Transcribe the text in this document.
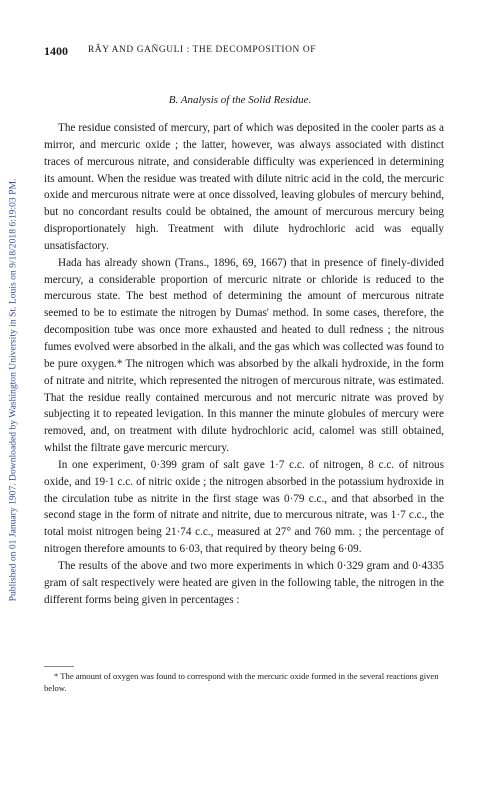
Published on 01 January 1907. Downloaded by Washington University in St. Louis on 9/18/2018 6:19:03 PM.
1400 RÂY AND GAÑGULI : THE DECOMPOSITION OF
B. Analysis of the Solid Residue.

The residue consisted of mercury, part of which was deposited in the cooler parts as a mirror, and mercuric oxide ; the latter, however, was always associated with distinct traces of mercurous nitrate, and considerable difficulty was experienced in determining its amount. When the residue was treated with dilute nitric acid in the cold, the mercuric oxide and mercurous nitrate were at once dissolved, leaving globules of mercury behind, but no concordant results could be obtained, the amount of mercurous mercury being disproportionately high. Treatment with dilute hydrochloric acid was equally unsatisfactory.

Hada has already shown (Trans., 1896, 69, 1667) that in presence of finely-divided mercury, a considerable proportion of mercuric nitrate or chloride is reduced to the mercurous state. The best method of determining the amount of mercurous nitrate seemed to be to estimate the nitrogen by Dumas' method. In some cases, therefore, the decomposition tube was once more exhausted and heated to dull redness ; the nitrous fumes evolved were absorbed in the alkali, and the gas which was collected was found to be pure oxygen.* The nitrogen which was absorbed by the alkali hydroxide, in the form of nitrate and nitrite, which represented the nitrogen of mercurous nitrate, was estimated. That the residue really contained mercurous and not mercuric nitrate was proved by subjecting it to repeated levigation. In this manner the minute globules of mercury were removed, and, on treatment with dilute hydrochloric acid, calomel was still obtained, whilst the filtrate gave mercuric mercury.

In one experiment, 0·399 gram of salt gave 1·7 c.c. of nitrogen, 8 c.c. of nitrous oxide, and 19·1 c.c. of nitric oxide ; the nitrogen absorbed in the potassium hydroxide in the circulation tube as nitrite in the first stage was 0·79 c.c., and that absorbed in the second stage in the form of nitrate and nitrite, due to mercurous nitrate, was 1·7 c.c., the total moist nitrogen being 21·74 c.c., measured at 27° and 760 mm. ; the percentage of nitrogen therefore amounts to 6·03, that required by theory being 6·09.

The results of the above and two more experiments in which 0·329 gram and 0·4335 gram of salt respectively were heated are given in the following table, the nitrogen in the different forms being given in percentages :

* The amount of oxygen was found to correspond with the mercuric oxide formed in the several reactions given below.
